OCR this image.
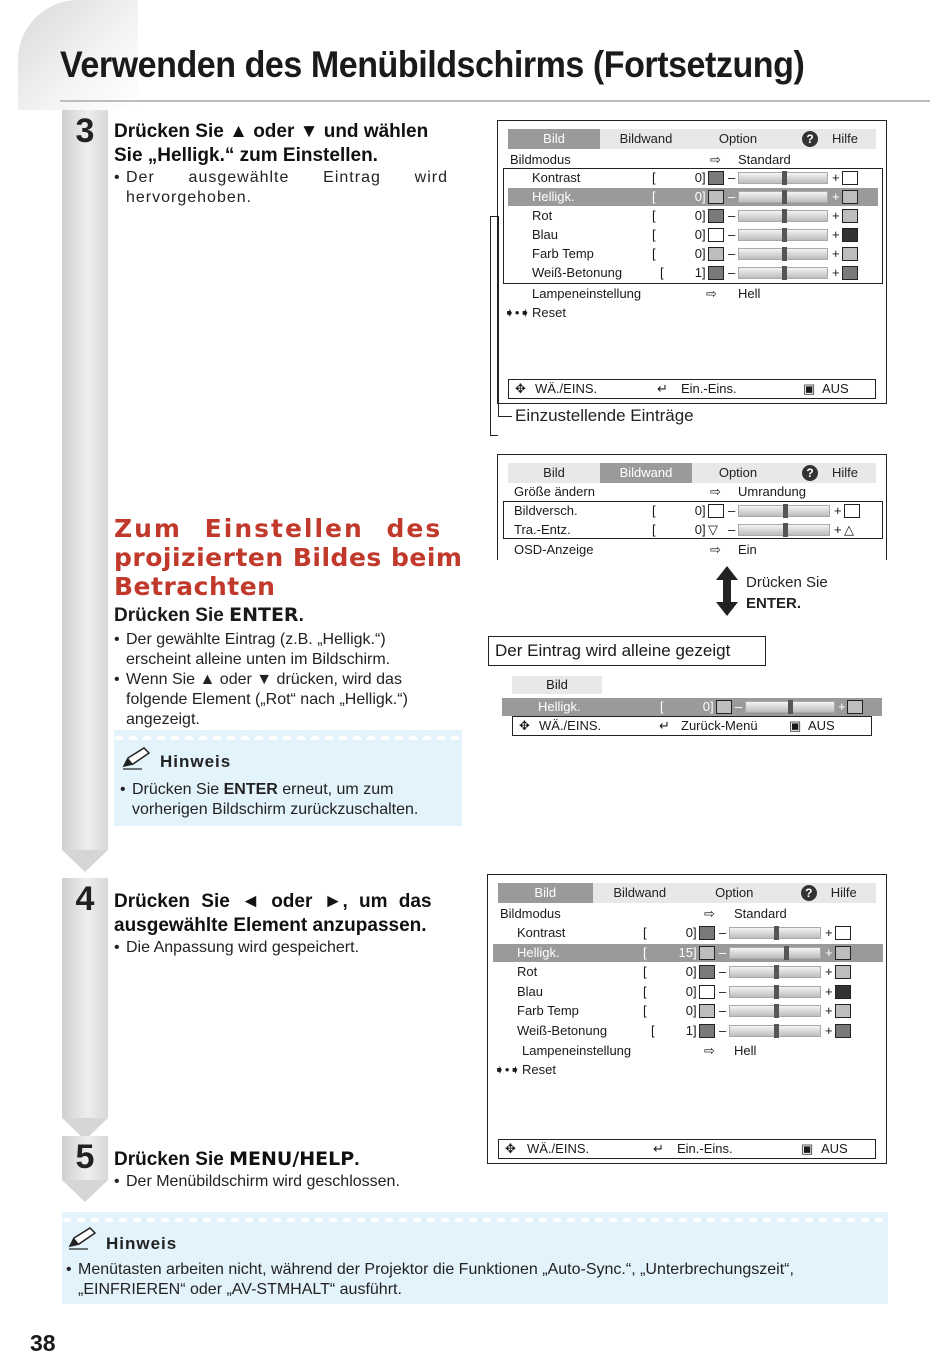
Verwenden des Menübildschirms (Fortsetzung)
3
4
5
Drücken Sie ▲ oder ▼ und wählen
Sie „Helligk.“ zum Einstellen.
• Der ausgewählte Eintrag wird hervorgehoben.
Zum Einstellen des
projizierten Bildes beim
Betrachten
Drücken Sie ENTER.
• Der gewählte Eintrag (z.B. „Helligk.“) erscheint alleine unten im Bildschirm.
• Wenn Sie ▲ oder ▼ drücken, wird das folgende Element („Rot“ nach „Helligk.“) angezeigt.
Hinweis
• Drücken Sie ENTER erneut, um zum vorherigen Bildschirm zurückzuschalten.
Drücken Sie ◄ oder ►, um das
ausgewählte Element anzupassen.
• Die Anpassung wird gespeichert.
Drücken Sie MENU/HELP.
• Der Menübildschirm wird geschlossen.
Bild	Bildwand	Option	?	Hilfe
Bildmodus	⇨ Standard
Kontrast	[	0 ] –	+
Helligk.	[	0 ] –	+
Rot	[	0 ] –	+
Blau	[	0 ] –	+
Farb Temp	[	0 ] –	+
Weiß-Betonung	[	1 ] –	+
Lampeneinstellung	⇨ Hell
➧•➧ Reset
✥ WÄ./EINS.	↵ Ein.-Eins.	▣ AUS
Einzustellende Einträge
Bild	Bildwand	Option	?	Hilfe
Größe ändern	⇨ Umrandung
Bildversch.	[	0 ] –	+
Tra.-Entz.	[	0 ] ▽ –	+ △
OSD-Anzeige	⇨ Ein
Drücken Sie
ENTER.
Der Eintrag wird alleine gezeigt
Bild
Helligk.	[	0 ] –	+
✥ WÄ./EINS.	↵ Zurück-Menü ▣ AUS
Bild	Bildwand	Option	?	Hilfe
Bildmodus	⇨ Standard
Kontrast	[	0 ] –	+
Helligk.	[	15 ] –	+
Rot	[	0 ] –	+
Blau	[	0 ] –	+
Farb Temp	[	0 ] –	+
Weiß-Betonung	[	1 ] –	+
Lampeneinstellung	⇨ Hell
➧•➧ Reset
✥ WÄ./EINS.	↵ Ein.-Eins.	▣ AUS
Hinweis
• Menütasten arbeiten nicht, während der Projektor die Funktionen „Auto-Sync.“, „Unterbrechungszeit“, „EINFRIEREN“ oder „AV-STMHALT“ ausführt.
38
